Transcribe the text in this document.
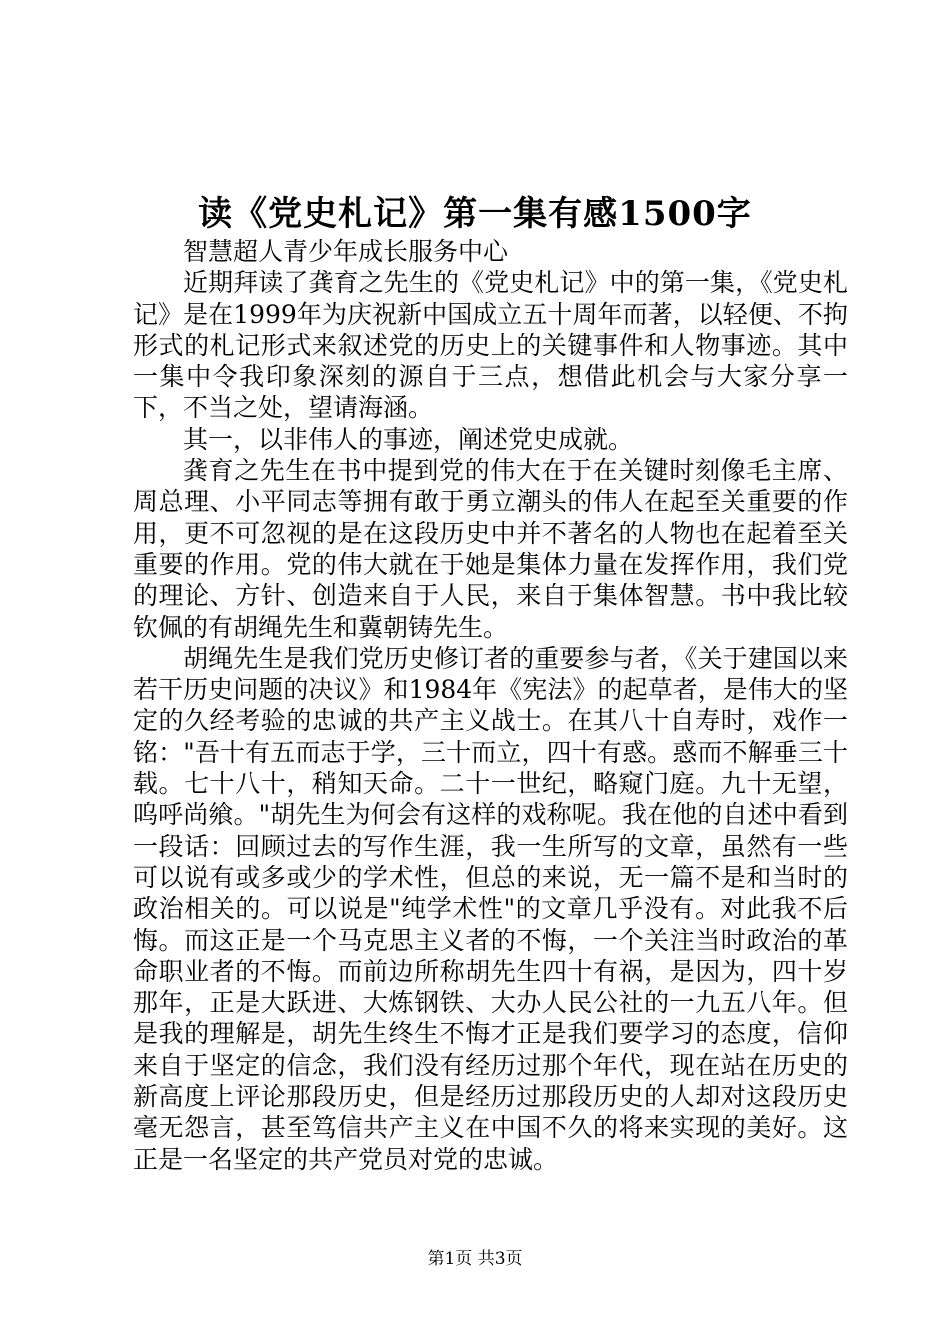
读《党史札记》第一集有感1500字

智慧超人青少年成长服务中心

近期拜读了龚育之先生的《党史札记》中的第一集，《党史札记》是在1999年为庆祝新中国成立五十周年而著，以轻便、不拘形式的札记形式来叙述党的历史上的关键事件和人物事迹。其中一集中令我印象深刻的源自于三点，想借此机会与大家分享一下，不当之处，望请海涵。

其一，以非伟人的事迹，阐述党史成就。

龚育之先生在书中提到党的伟大在于在关键时刻像毛主席、周总理、小平同志等拥有敢于勇立潮头的伟人在起至关重要的作用，更不可忽视的是在这段历史中并不著名的人物也在起着至关重要的作用。党的伟大就在于她是集体力量在发挥作用，我们党的理论、方针、创造来自于人民，来自于集体智慧。书中我比较钦佩的有胡绳先生和冀朝铸先生。

胡绳先生是我们党历史修订者的重要参与者，《关于建国以来若干历史问题的决议》和1984年《宪法》的起草者，是伟大的坚定的久经考验的忠诚的共产主义战士。在其八十自寿时，戏作一铭："吾十有五而志于学，三十而立，四十有惑。惑而不解垂三十载。七十八十，稍知天命。二十一世纪，略窥门庭。九十无望，呜呼尚飨。"胡先生为何会有这样的戏称呢。我在他的自述中看到一段话：回顾过去的写作生涯，我一生所写的文章，虽然有一些可以说有或多或少的学术性，但总的来说，无一篇不是和当时的政治相关的。可以说是"纯学术性"的文章几乎没有。对此我不后悔。而这正是一个马克思主义者的不悔，一个关注当时政治的革命职业者的不悔。而前边所称胡先生四十有祸，是因为，四十岁那年，正是大跃进、大炼钢铁、大办人民公社的一九五八年。但是我的理解是，胡先生终生不悔才正是我们要学习的态度，信仰来自于坚定的信念，我们没有经历过那个年代，现在站在历史的新高度上评论那段历史，但是经历过那段历史的人却对这段历史毫无怨言，甚至笃信共产主义在中国不久的将来实现的美好。这正是一名坚定的共产党员对党的忠诚。

第1页 共3页
